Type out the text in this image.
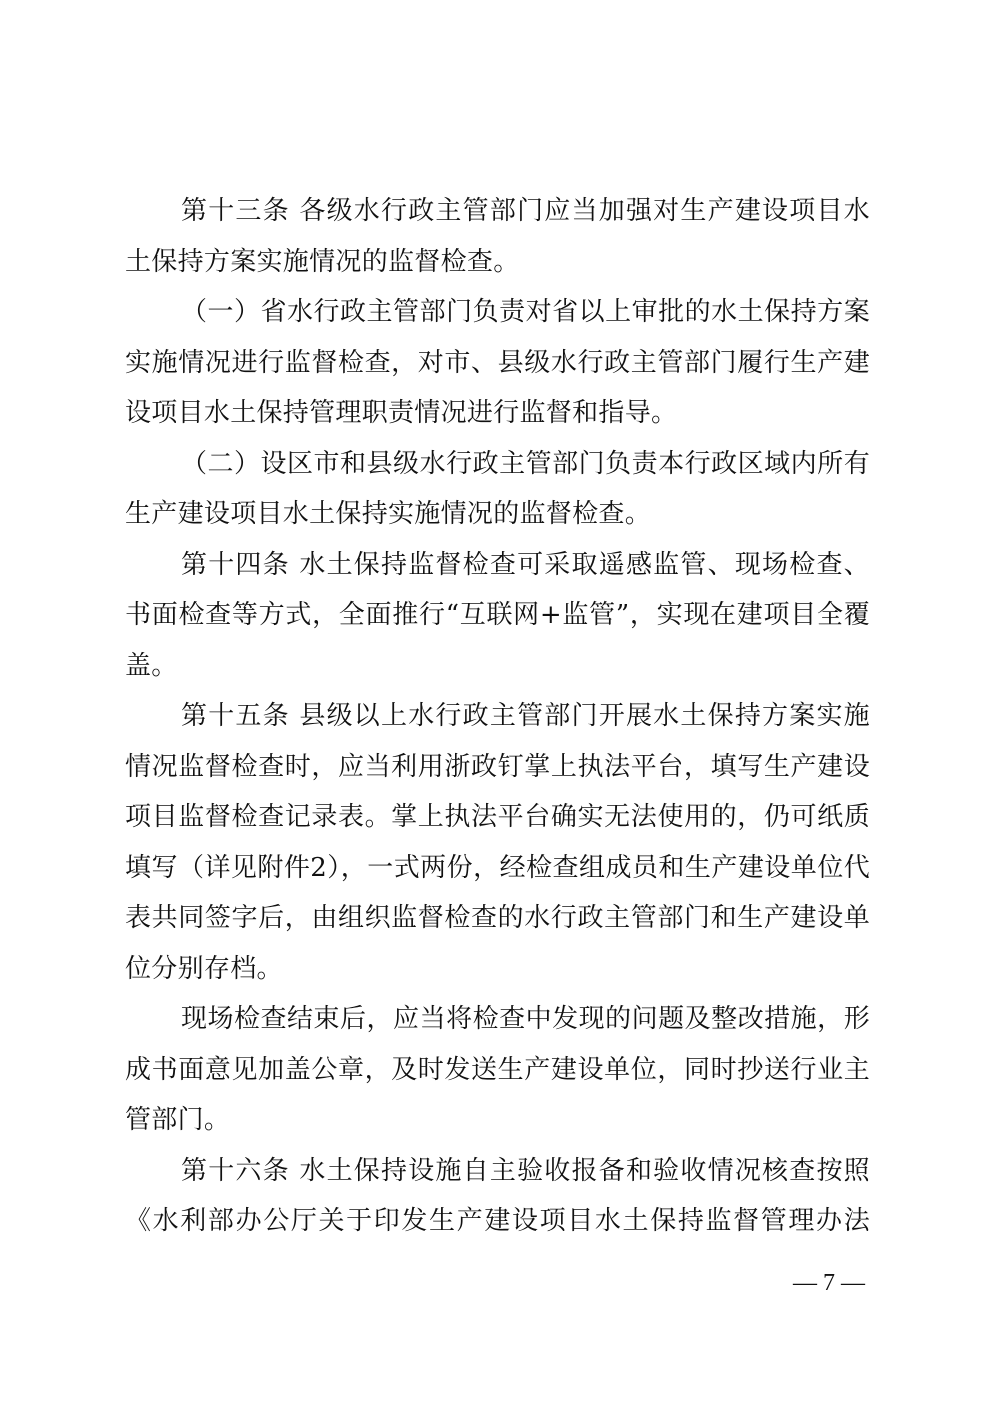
第十三条 各级水行政主管部门应当加强对生产建设项目水
土保持方案实施情况的监督检查。

（一）省水行政主管部门负责对省以上审批的水土保持方案
实施情况进行监督检查，对市、县级水行政主管部门履行生产建
设项目水土保持管理职责情况进行监督和指导。

（二）设区市和县级水行政主管部门负责本行政区域内所有
生产建设项目水土保持实施情况的监督检查。

第十四条 水土保持监督检查可采取遥感监管、现场检查、
书面检查等方式，全面推行“互联网+监管”，实现在建项目全覆
盖。

第十五条 县级以上水行政主管部门开展水土保持方案实施
情况监督检查时，应当利用浙政钉掌上执法平台，填写生产建设
项目监督检查记录表。掌上执法平台确实无法使用的，仍可纸质
填写（详见附件2），一式两份，经检查组成员和生产建设单位代
表共同签字后，由组织监督检查的水行政主管部门和生产建设单
位分别存档。

现场检查结束后，应当将检查中发现的问题及整改措施，形
成书面意见加盖公章，及时发送生产建设单位，同时抄送行业主
管部门。

第十六条 水土保持设施自主验收报备和验收情况核查按照
《水利部办公厅关于印发生产建设项目水土保持监督管理办法

— 7 —
